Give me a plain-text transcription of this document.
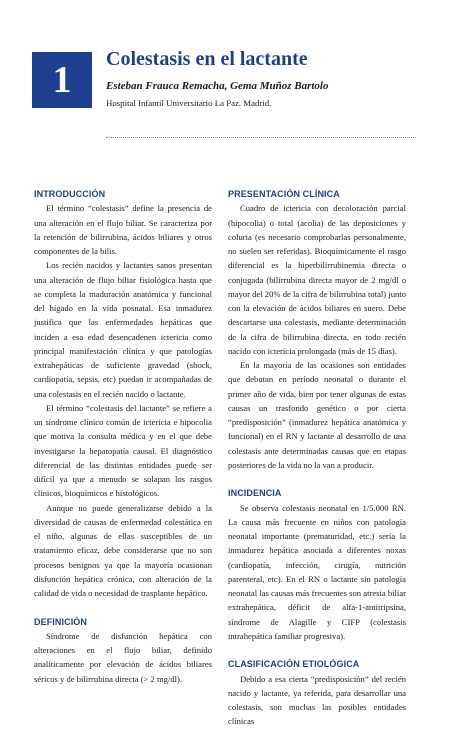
1 Colestasis en el lactante
Esteban Frauca Remacha, Gema Muñoz Bartolo
Hospital Infantil Universitario La Paz. Madrid.
INTRODUCCIÓN

El término “colestasis” define la presencia de una alteración en el flujo biliar. Se caracteriza por la retención de bilirrubina, ácidos biliares y otros componentes de la bilis.

Los recién nacidos y lactantes sanos presentan una alteración de flujo biliar fisiológica hasta que se completa la maduración anatómica y funcional del hígado en la vida posnatal. Esa inmadurez justifica que las enfermedades hepáticas que inciden a esa edad desencadenen ictericia como principal manifestación clínica y que patologías extrahepáticas de suficiente gravedad (shock, cardiopatía, sepsis, etc) puedan ir acompañadas de una colestasis en el recién nacido o lactante.

El término “colestasis del lactante” se refiere a un síndrome clínico común de ictericia e hipocolia que motiva la consulta médica y en el que debe investigarse la hepatopatía causal. El diagnóstico diferencial de las distintas entidades puede ser difícil ya que a menudo se solapan los rasgos clínicos, bioquímicos e histológicos.

Aunque no puede generalizarse debido a la diversidad de causas de enfermedad colestática en el niño, algunas de ellas susceptibles de un tratamiento eficaz, debe considerarse que no son procesos benignos ya que la mayoría ocasionan disfunción hepática crónica, con alteración de la calidad de vida o necesidad de trasplante hepático.

DEFINICIÓN

Síndrome de disfunción hepática con alteraciones en el flujo biliar, definido analíticamente por elevación de ácidos biliares séricos y de bilirrubina directa (> 2 mg/dl).

PRESENTACIÓN CLÍNICA

Cuadro de ictericia con decoloración parcial (hipocolia) o total (acolia) de las deposiciones y coluria (es necesario comprobarlas personalmente, no suelen ser referidas). Bioquímicamente el rasgo diferencial es la hiperbilirrubinemia directa o conjugada (bilirrubina directa mayor de 2 mg/dl o mayor del 20% de la cifra de bilirrubina total) junto con la elevación de ácidos biliares en suero. Debe descartarse una colestasis, mediante determinación de la cifra de bilirrubina directa, en todo recién nacido con ictericia prolongada (más de 15 días).

En la mayoría de las ocasiones son entidades que debutan en período neonatal o durante el primer año de vida, bien por tener algunas de estas causas un trasfondo genético o por cierta “predisposición” (inmadurez hepática anatómica y funcional) en el RN y lactante al desarrollo de una colestasis ante determinadas causas que en etapas posteriores de la vida no la van a producir.

INCIDENCIA

Se observa colestasis neonatal en 1/5.000 RN. La causa más frecuente en niños con patología neonatal importante (prematuridad, etc.) sería la inmadurez hepática asociada a diferentes noxas (cardiopatía, infección, cirugía, nutrición parenteral, etc). En el RN o lactante sin patología neonatal las causas más frecuentes son atresia biliar extrahepática, déficit de alfa-1-antitripsina, síndrome de Alagille y CIFP (colestasis intrahepática familiar progresiva).

CLASIFICACIÓN ETIOLÓGICA

Debido a esa cierta “predisposición” del recién nacido y lactante, ya referida, para desarrollar una colestasis, son muchas las posibles entidades clínicas
